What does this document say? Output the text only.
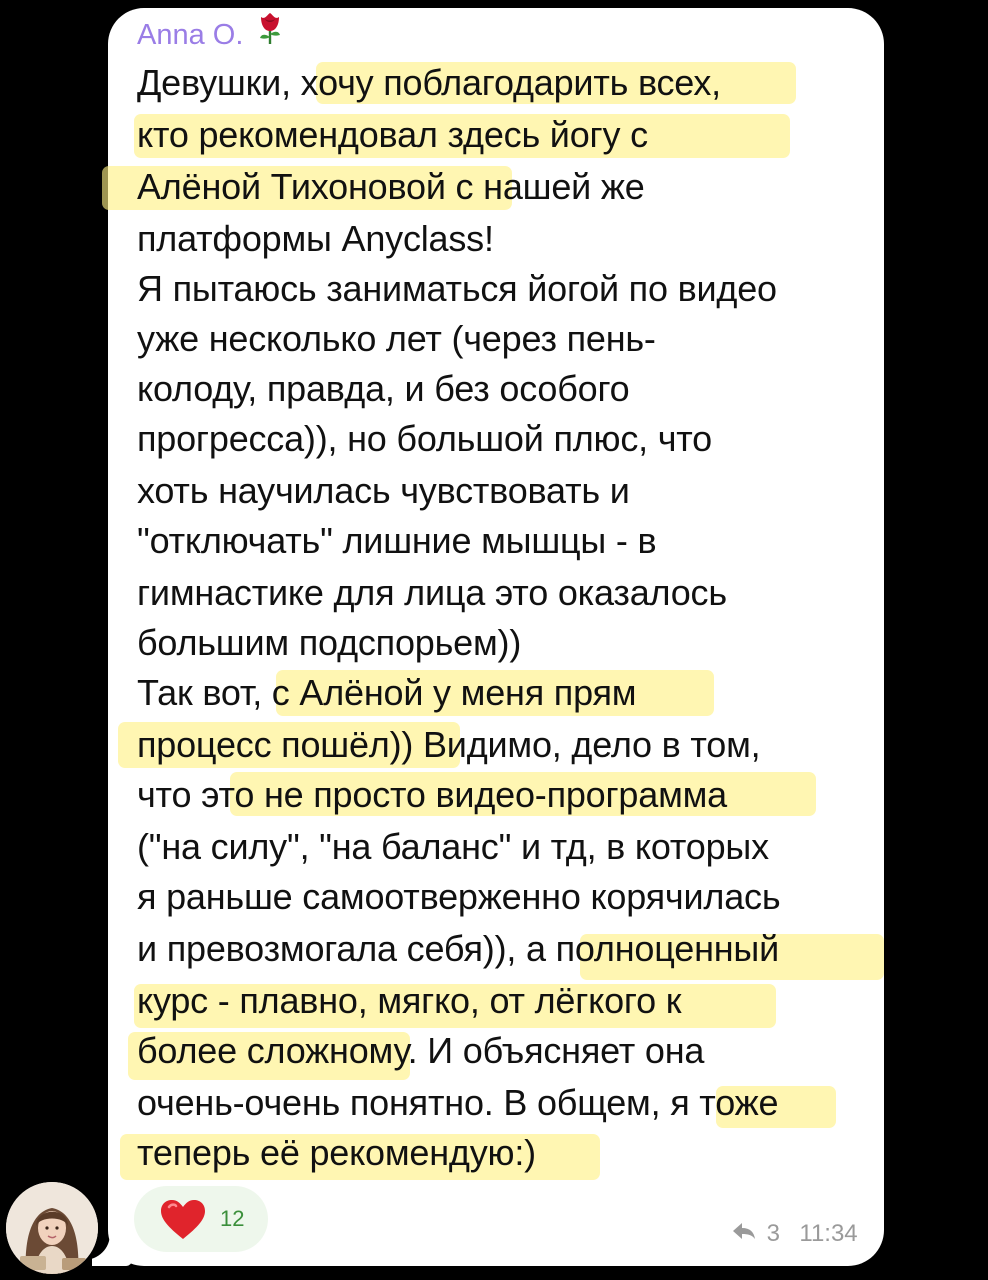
Anna O.
Девушки, хочу поблагодарить всех,
кто рекомендовал здесь йогу с
Алёной Тихоновой с нашей же
платформы Anyclass!
Я пытаюсь заниматься йогой по видео
уже несколько лет (через пень-
колоду, правда, и без особого
прогресса)), но большой плюс, что
хоть научилась чувствовать и
"отключать" лишние мышцы - в
гимнастике для лица это оказалось
большим подспорьем))
Так вот, с Алёной у меня прям
процесс пошёл)) Видимо, дело в том,
что это не просто видео-программа
("на силу", "на баланс" и тд, в которых
я раньше самоотверженно корячилась
и превозмогала себя)), а полноценный
курс - плавно, мягко, от лёгкого к
более сложному. И объясняет она
очень-очень понятно. В общем, я тоже
теперь её рекомендую:)
12
3 11:34
